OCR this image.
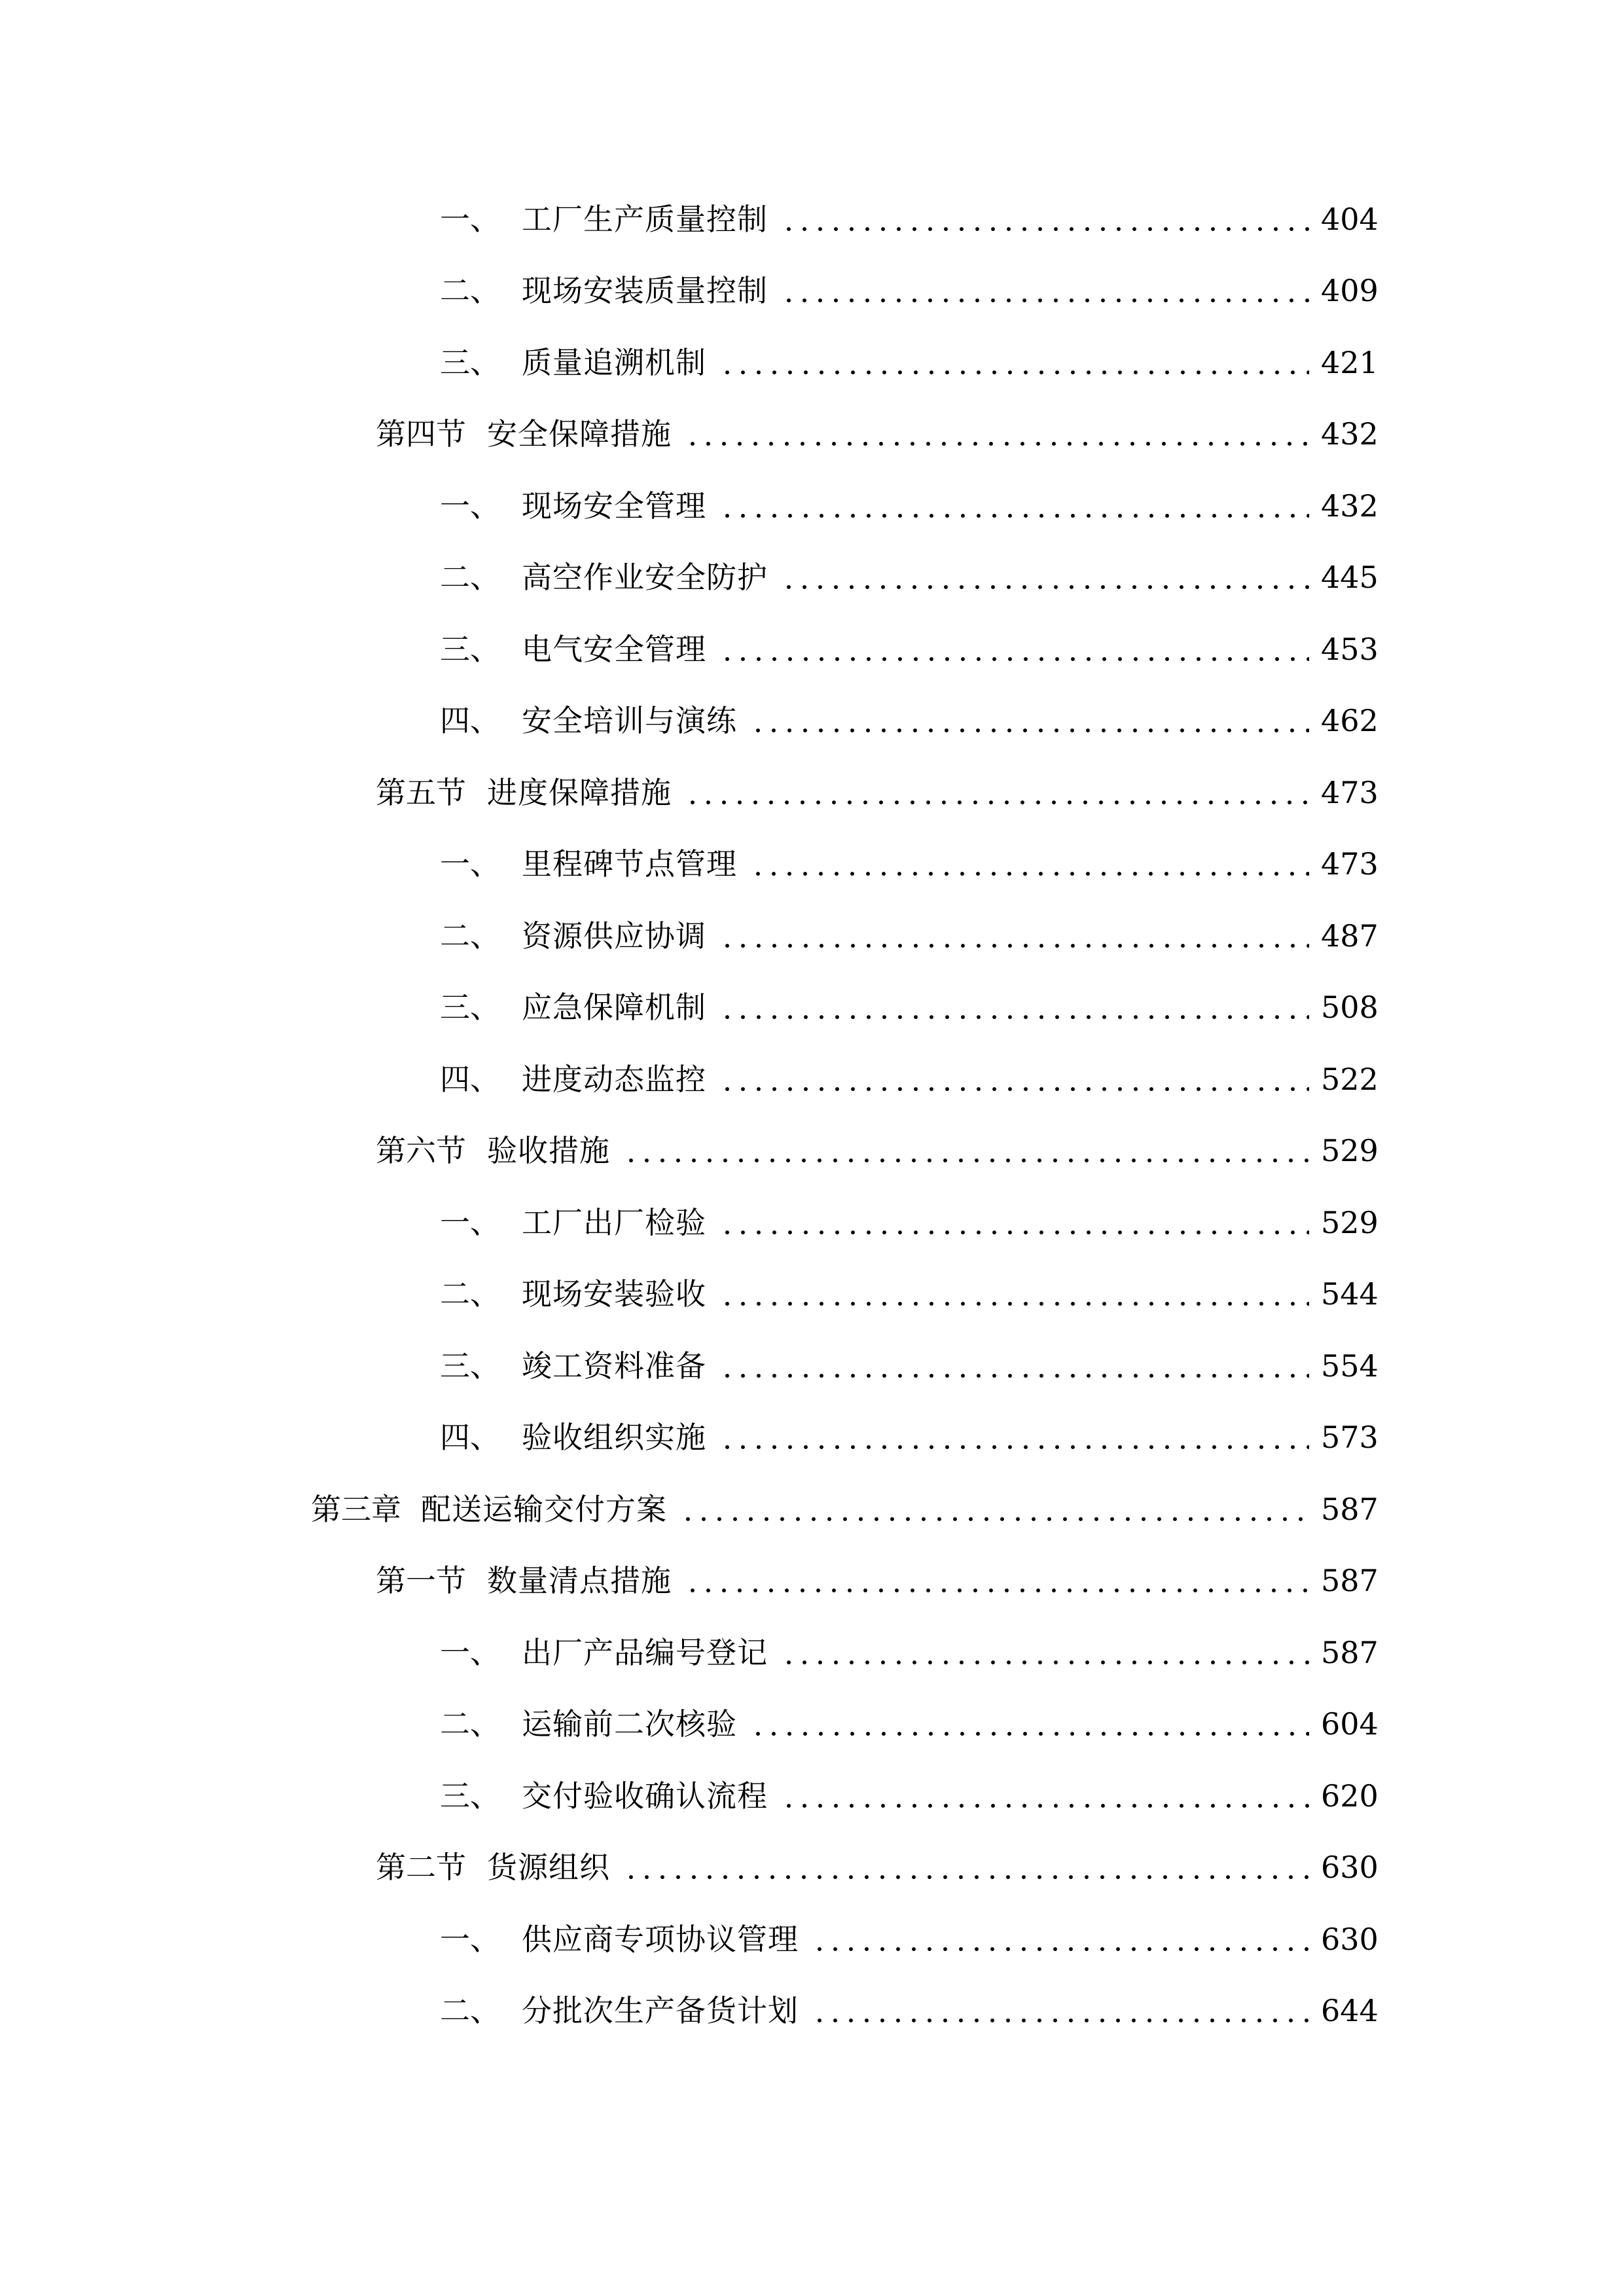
一、 工厂生产质量控制	404
二、 现场安装质量控制	409
三、 质量追溯机制	421
第四节 安全保障措施	432
一、 现场安全管理	432
二、 高空作业安全防护	445
三、 电气安全管理	453
四、 安全培训与演练	462
第五节 进度保障措施	473
一、 里程碑节点管理	473
二、 资源供应协调	487
三、 应急保障机制	508
四、 进度动态监控	522
第六节 验收措施	529
一、 工厂出厂检验	529
二、 现场安装验收	544
三、 竣工资料准备	554
四、 验收组织实施	573
第三章 配送运输交付方案	587
第一节 数量清点措施	587
一、 出厂产品编号登记	587
二、 运输前二次核验	604
三、 交付验收确认流程	620
第二节 货源组织	630
一、 供应商专项协议管理	630
二、 分批次生产备货计划	644
